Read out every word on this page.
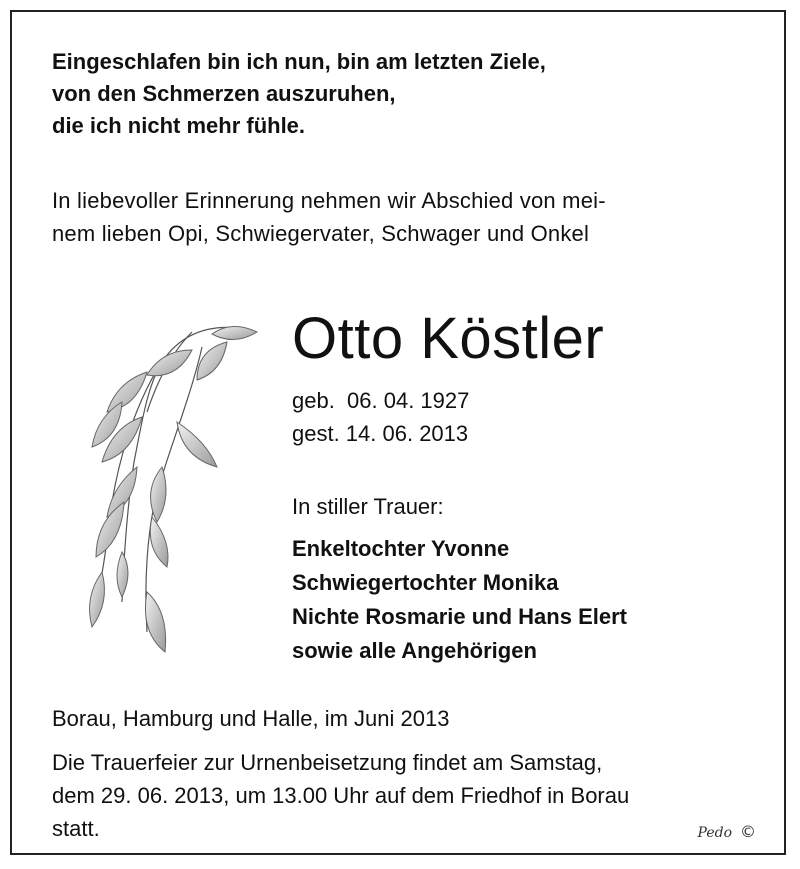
Eingeschlafen bin ich nun, bin am letzten Ziele,
von den Schmerzen auszuruhen,
die ich nicht mehr fühle.
In liebevoller Erinnerung nehmen wir Abschied von mei-
nem lieben Opi, Schwiegervater, Schwager und Onkel
Otto Köstler
geb.  06. 04. 1927
gest. 14. 06. 2013
In stiller Trauer:
Enkeltochter Yvonne
Schwiegertochter Monika
Nichte Rosmarie und Hans Elert
sowie alle Angehörigen
Borau, Hamburg und Halle, im Juni 2013
Die Trauerfeier zur Urnenbeisetzung findet am Samstag,
dem 29. 06. 2013, um 13.00 Uhr auf dem Friedhof in Borau
statt.	Pedo ©
